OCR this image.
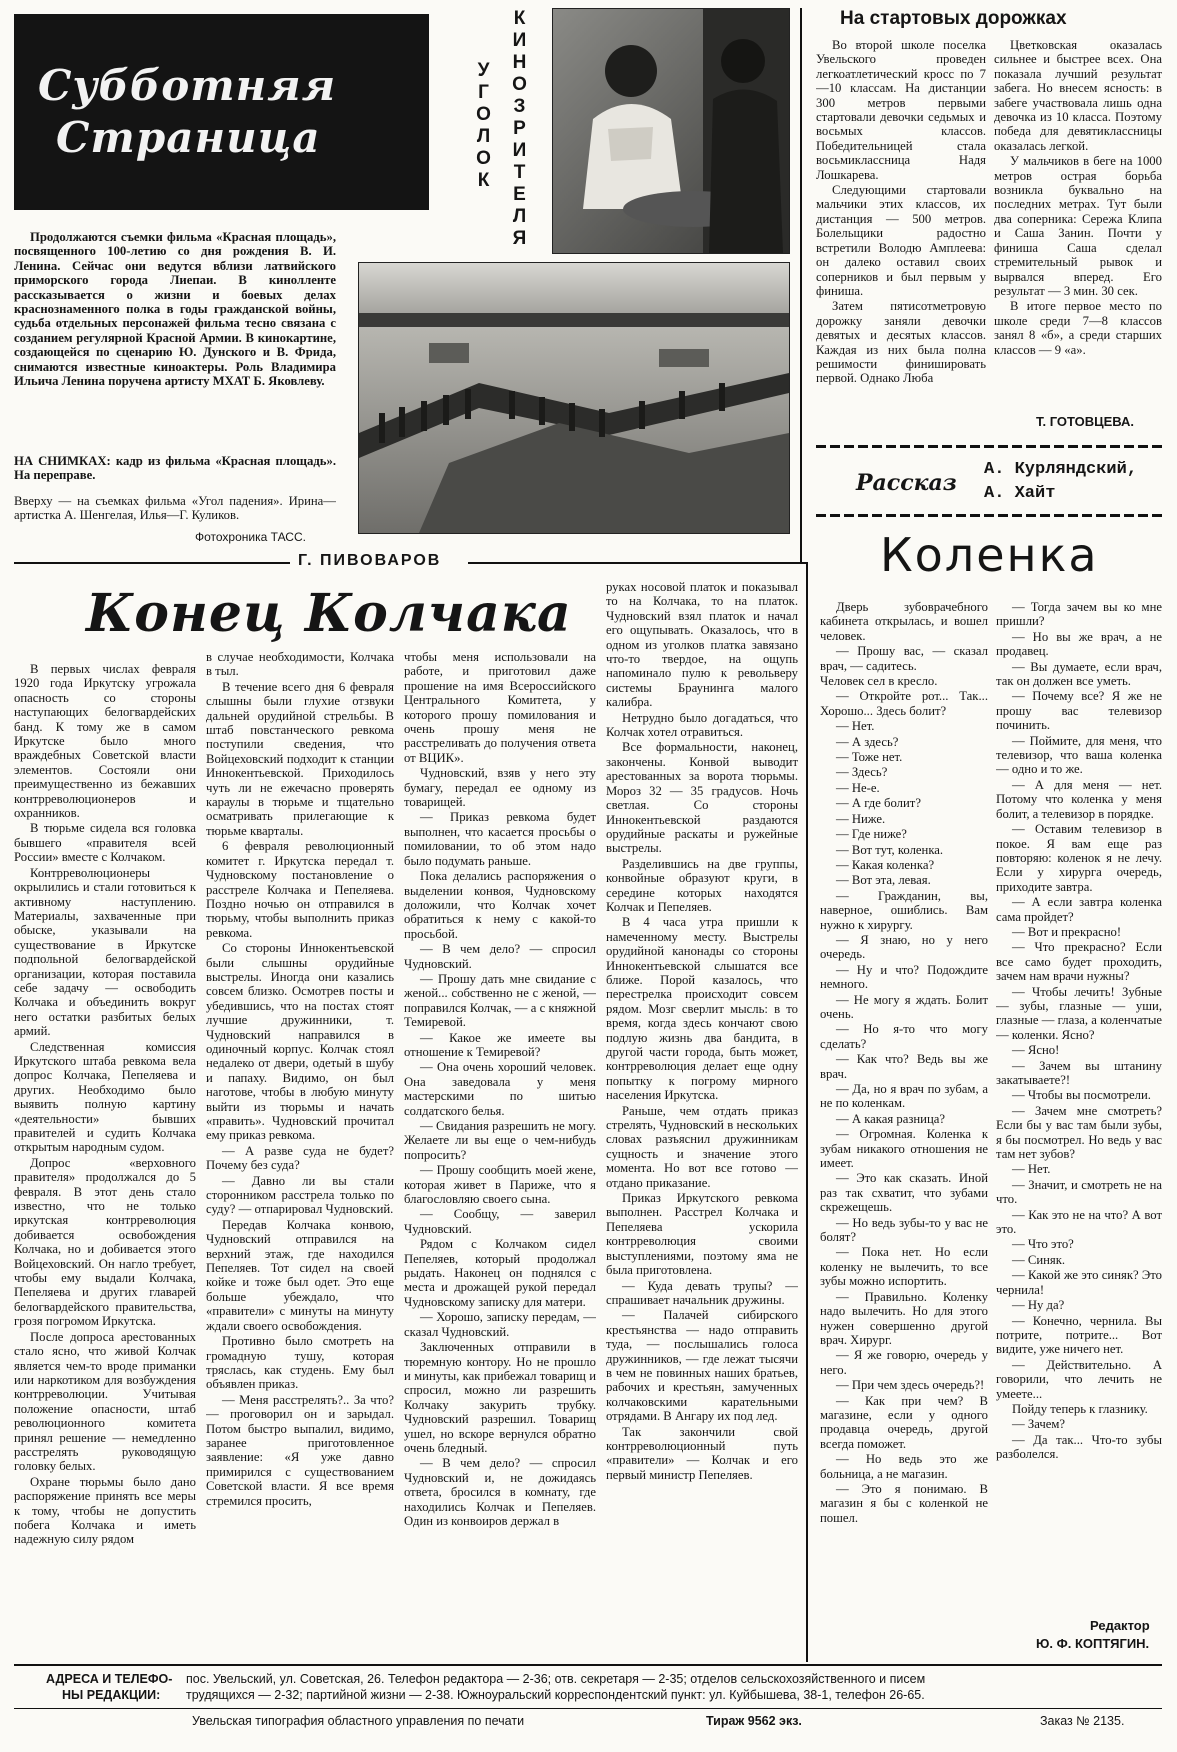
Субботняя
Страница	УГОЛОК КИНОЗРИТЕЛЯ

Продолжаются съемки фильма «Красная площадь», посвященного 100-летию со дня рождения В. И. Ленина. Сейчас они ведутся вблизи латвийского приморского города Лиепаи. В кинолленте рассказывается о жизни и боевых делах краснознаменного полка в годы гражданской войны, судьба отдельных персонажей фильма тесно связана с созданием регулярной Красной Армии. В кинокартине, создающейся по сценарию Ю. Дунского и В. Фрида, снимаются известные киноактеры. Роль Владимира Ильича Ленина поручена артисту МХАТ Б. Яковлеву.

НА СНИМКАХ: кадр из фильма «Красная площадь». На переправе.
Вверху — на съемках фильма «Угол падения». Ирина—артистка А. Шенгелая, Илья—Г. Куликов.
Фотохроника ТАСС.
На стартовых дорожках

Во второй школе поселка Увельского проведен легкоатлетический кросс по 7—10 классам. На дистанции 300 метров первыми стартовали девочки седьмых и восьмых классов. Победительницей стала восьмиклассница Надя Лошкарева.

Следующими стартовали мальчики этих классов, их дистанция — 500 метров. Болельщики радостно встретили Володю Амплеева: он далеко оставил своих соперников и был первым у финиша.

Затем пятисотметровую дорожку заняли девочки девятых и десятых классов. Каждая из них была полна решимости финишировать первой. Однако Люба

Цветковская оказалась сильнее и быстрее всех. Она показала лучший результат забега. Но внесем ясность: в забеге участвовала лишь одна девочка из 10 класса. Поэтому победа для девятиклассницы оказалась легкой.

У мальчиков в беге на 1000 метров острая борьба возникла буквально на последних метрах. Тут были два соперника: Сережа Клипа и Саша Занин. Почти у финиша Саша сделал стремительный рывок и вырвался вперед. Его результат — 3 мин. 30 сек.

В итоге первое место по школе среди 7—8 классов занял 8 «б», а среди старших классов — 9 «а».

Т. ГОТОВЦЕВА.
Рассказ
А. Курляндский,
А. Хайт
Коленка
Г. ПИВОВАРОВ
Конец Колчака

В первых числах февраля 1920 года Иркутску угрожала опасность со стороны наступающих белогвардейских банд. К тому же в самом Иркутске было много враждебных Советской власти элементов. Состояли они преимущественно из бежавших контрреволюционеров и охранников.

В тюрьме сидела вся головка бывшего «правителя всей России» вместе с Колчаком.

Контрреволюционеры окрылились и стали готовиться к активному наступлению. Материалы, захваченные при обыске, указывали на существование в Иркутске подпольной белогвардейской организации, которая поставила себе задачу — освободить Колчака и объединить вокруг него остатки разбитых белых армий.

Следственная комиссия Иркутского штаба ревкома вела допрос Колчака, Пепеляева и других. Необходимо было выявить полную картину «деятельности» бывших правителей и судить Колчака открытым народным судом.

Допрос «верховного правителя» продолжался до 5 февраля. В этот день стало известно, что не только иркутская контрреволюция добивается освобождения Колчака, но и добивается этого Войцеховский. Он нагло требует, чтобы ему выдали Колчака, Пепеляева и других главарей белогвардейского правительства, грозя погромом Иркутска.

После допроса арестованных стало ясно, что живой Колчак является чем-то вроде приманки или наркотиком для возбуждения контрреволюции. Учитывая положение опасности, штаб революционного комитета принял решение — немедленно расстрелять руководящую головку белых.

Охране тюрьмы было дано распоряжение принять все меры к тому, чтобы не допустить побега Колчака и иметь надежную силу рядом

в случае необходимости, Колчака в тыл.

В течение всего дня 6 февраля слышны были глухие отзвуки дальней орудийной стрельбы. В штаб повстанческого ревкома поступили сведения, что Войцеховский подходит к станции Иннокентьевской. Приходилось чуть ли не ежечасно проверять караулы в тюрьме и тщательно осматривать прилегающие к тюрьме кварталы.

6 февраля революционный комитет г. Иркутска передал т. Чудновскому постановление о расстреле Колчака и Пепеляева. Поздно ночью он отправился в тюрьму, чтобы выполнить приказ ревкома.

Со стороны Иннокентьевской были слышны орудийные выстрелы. Иногда они казались совсем близко. Осмотрев посты и убедившись, что на постах стоят лучшие дружинники, т. Чудновский направился в одиночный корпус. Колчак стоял недалеко от двери, одетый в шубу и папаху. Видимо, он был наготове, чтобы в любую минуту выйти из тюрьмы и начать «править». Чудновский прочитал ему приказ ревкома.

— А разве суда не будет? Почему без суда?

— Давно ли вы стали сторонником расстрела только по суду? — отпарировал Чудновский.

Передав Колчака конвою, Чудновский отправился на верхний этаж, где находился Пепеляев. Тот сидел на своей койке и тоже был одет. Это еще больше убеждало, что «правители» с минуты на минуту ждали своего освобождения.

Противно было смотреть на громадную тушу, которая тряслась, как студень. Ему был объявлен приказ.

— Меня расстрелять?.. За что? — проговорил он и зарыдал. Потом быстро выпалил, видимо, заранее приготовленное заявление: «Я уже давно примирился с существованием Советской власти. Я все время стремился просить,

чтобы меня использовали на работе, и приготовил даже прошение на имя Всероссийского Центрального Комитета, у которого прошу помилования и очень прошу меня не расстреливать до получения ответа от ВЦИК».

Чудновский, взяв у него эту бумагу, передал ее одному из товарищей.

— Приказ ревкома будет выполнен, что касается просьбы о помиловании, то об этом надо было подумать раньше.

Пока делались распоряжения о выделении конвоя, Чудновскому доложили, что Колчак хочет обратиться к нему с какой-то просьбой.

— В чем дело? — спросил Чудновский.

— Прошу дать мне свидание с женой... собственно не с женой, — поправился Колчак, — а с княжной Темиревой.

— Какое же имеете вы отношение к Темиревой?

— Она очень хороший человек. Она заведовала у меня мастерскими по шитью солдатского белья.

— Свидания разрешить не могу. Желаете ли вы еще о чем-нибудь попросить?

— Прошу сообщить моей жене, которая живет в Париже, что я благословляю своего сына.

— Сообщу, — заверил Чудновский.

Рядом с Колчаком сидел Пепеляев, который продолжал рыдать. Наконец он поднялся с места и дрожащей рукой передал Чудновскому записку для матери.

— Хорошо, записку передам, — сказал Чудновский.

Заключенных отправили в тюремную контору. Но не прошло и минуты, как прибежал товарищ и спросил, можно ли разрешить Колчаку закурить трубку. Чудновский разрешил. Товарищ ушел, но вскоре вернулся обратно очень бледный.

— В чем дело? — спросил Чудновский и, не дожидаясь ответа, бросился в комнату, где находились Колчак и Пепеляев. Один из конвоиров держал в

руках носовой платок и показывал то на Колчака, то на платок. Чудновский взял платок и начал его ощупывать. Оказалось, что в одном из уголков платка завязано что-то твердое, на ощупь напоминало пулю к револьверу системы Браунинга малого калибра.

Нетрудно было догадаться, что Колчак хотел отравиться.

Все формальности, наконец, закончены. Конвой выводит арестованных за ворота тюрьмы. Мороз 32 — 35 градусов. Ночь светлая. Со стороны Иннокентьевской раздаются орудийные раскаты и ружейные выстрелы.

Разделившись на две группы, конвойные образуют круги, в середине которых находятся Колчак и Пепеляев.

В 4 часа утра пришли к намеченному месту. Выстрелы орудийной канонады со стороны Иннокентьевской слышатся все ближе. Порой казалось, что перестрелка происходит совсем рядом. Мозг сверлит мысль: в то время, когда здесь кончают свою подлую жизнь два бандита, в другой части города, быть может, контрреволюция делает еще одну попытку к погрому мирного населения Иркутска.

Раньше, чем отдать приказ стрелять, Чудновский в нескольких словах разъяснил дружинникам сущность и значение этого момента. Но вот все готово — отдано приказание.

Приказ Иркутского ревкома выполнен. Расстрел Колчака и Пепеляева ускорила контрреволюция своими выступлениями, поэтому яма не была приготовлена.

— Куда девать трупы? — спрашивает начальник дружины.

— Палачей сибирского крестьянства — надо отправить туда, — послышались голоса дружинников, — где лежат тысячи в чем не повинных наших братьев, рабочих и крестьян, замученных колчаковскими карательными отрядами. В Ангару их под лед.

Так закончили свой контрреволюционный путь «правители» — Колчак и его первый министр Пепеляев.

Дверь зубоврачебного кабинета открылась, и вошел человек.

— Прошу вас, — сказал врач, — садитесь.

Человек сел в кресло.

— Откройте рот... Так... Хорошо... Здесь болит?

— Нет.

— А здесь?

— Тоже нет.

— Здесь?

— Не-е.

— А где болит?

— Ниже.

— Где ниже?

— Вот тут, коленка.

— Какая коленка?

— Вот эта, левая.

— Гражданин, вы, наверное, ошиблись. Вам нужно к хирургу.

— Я знаю, но у него очередь.

— Ну и что? Подождите немного.

— Не могу я ждать. Болит очень.

— Но я-то что могу сделать?

— Как что? Ведь вы же врач.

— Да, но я врач по зубам, а не по коленкам.

— А какая разница?

— Огромная. Коленка к зубам никакого отношения не имеет.

— Это как сказать. Иной раз так схватит, что зубами скрежещешь.

— Но ведь зубы-то у вас не болят?

— Пока нет. Но если коленку не вылечить, то все зубы можно испортить.

— Правильно. Коленку надо вылечить. Но для этого нужен совершенно другой врач. Хирург.

— Я же говорю, очередь у него.

— При чем здесь очередь?!

— Как при чем? В магазине, если у одного продавца очередь, другой всегда поможет.

— Но ведь это же больница, а не магазин.

— Это я понимаю. В магазин я бы с коленкой не пошел.

— Тогда зачем вы ко мне пришли?

— Но вы же врач, а не продавец.

— Вы думаете, если врач, так он должен все уметь.

— Почему все? Я же не прошу вас телевизор починить.

— Поймите, для меня, что телевизор, что ваша коленка — одно и то же.

— А для меня — нет. Потому что коленка у меня болит, а телевизор в порядке.

— Оставим телевизор в покое. Я вам еще раз повторяю: коленок я не лечу. Если у хирурга очередь, приходите завтра.

— А если завтра коленка сама пройдет?

— Вот и прекрасно!

— Что прекрасно? Если все само будет проходить, зачем нам врачи нужны?

— Чтобы лечить! Зубные — зубы, глазные — уши, глазные — глаза, а коленчатые — коленки. Ясно?

— Ясно!

— Зачем вы штанину закатываете?!

— Чтобы вы посмотрели.

— Зачем мне смотреть? Если бы у вас там были зубы, я бы посмотрел. Но ведь у вас там нет зубов?

— Нет.

— Значит, и смотреть не на что.

— Как это не на что? А вот это.

— Что это?

— Синяк.

— Какой же это синяк? Это чернила!

— Ну да?

— Конечно, чернила. Вы потрите, потрите... Вот видите, уже ничего нет.

— Действительно. А говорили, что лечить не умеете...

Пойду теперь к глазнику.

— Зачем?

— Да так... Что-то зубы разболелся.

Редактор
Ю. Ф. КОПТЯГИН.
АДРЕСА И ТЕЛЕФО-
НЫ РЕДАКЦИИ:
пос. Увельский, ул. Советская, 26. Телефон редактора — 2-36; отв. секретаря — 2-35; отделов сельскохозяйственного и писем
трудящихся — 2-32; партийной жизни — 2-38. Южноуральский корреспондентский пункт: ул. Куйбышева, 38-1, телефон 26-65.
Увельская типография областного управления по печати	Тираж 9562 экз.	Заказ № 2135.
